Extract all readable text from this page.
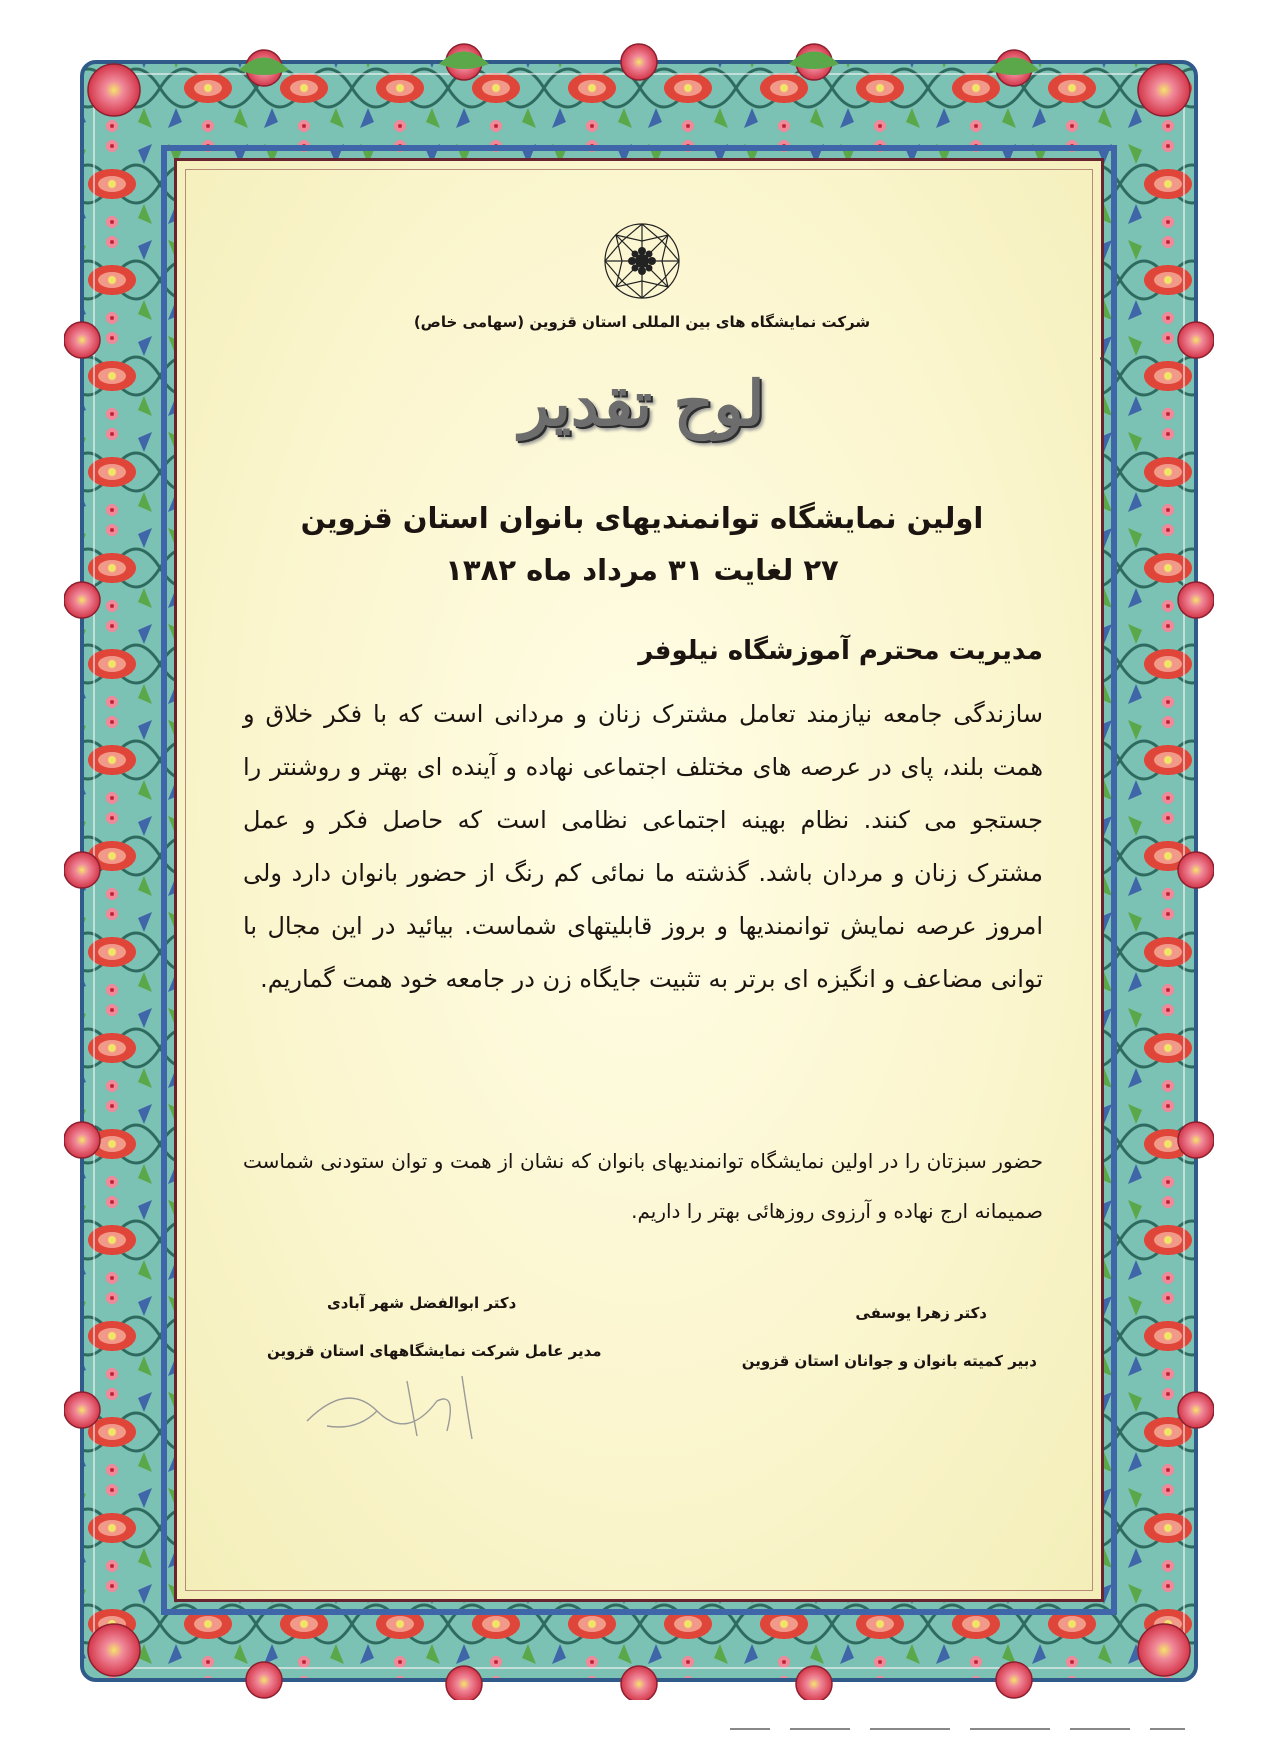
شرکت نمایشگاه های بین المللی استان قزوین (سهامی خاص)
لوح تقدیر
اولین نمایشگاه توانمندیهای بانوان استان قزوین
۲۷ لغایت ۳۱ مرداد ماه ۱۳۸۲
مدیریت محترم آموزشگاه نیلوفر
سازندگی جامعه نیازمند تعامل مشترک زنان و مردانی است که با فکر خلاق و همت بلند، پای در عرصه های مختلف اجتماعی نهاده و آینده ای بهتر و روشنتر را جستجو می کنند. نظام بهینه اجتماعی نظامی است که حاصل فکر و عمل مشترک زنان و مردان باشد. گذشته ما نمائی کم رنگ از حضور بانوان دارد ولی امروز عرصه نمایش توانمندیها و بروز قابلیتهای شماست. بیائید در این مجال با توانی مضاعف و انگیزه ای برتر به تثبیت جایگاه زن در جامعه خود همت گماریم.
حضور سبزتان را در اولین نمایشگاه توانمندیهای بانوان که نشان از همت و توان ستودنی شماست صمیمانه ارج نهاده و آرزوی روزهائی بهتر را داریم.
دکتر زهرا یوسفی
دبیر کمیته بانوان و جوانان استان قزوین
دکتر ابوالفضل شهر آبادی
مدیر عامل شرکت نمایشگاههای استان قزوین
